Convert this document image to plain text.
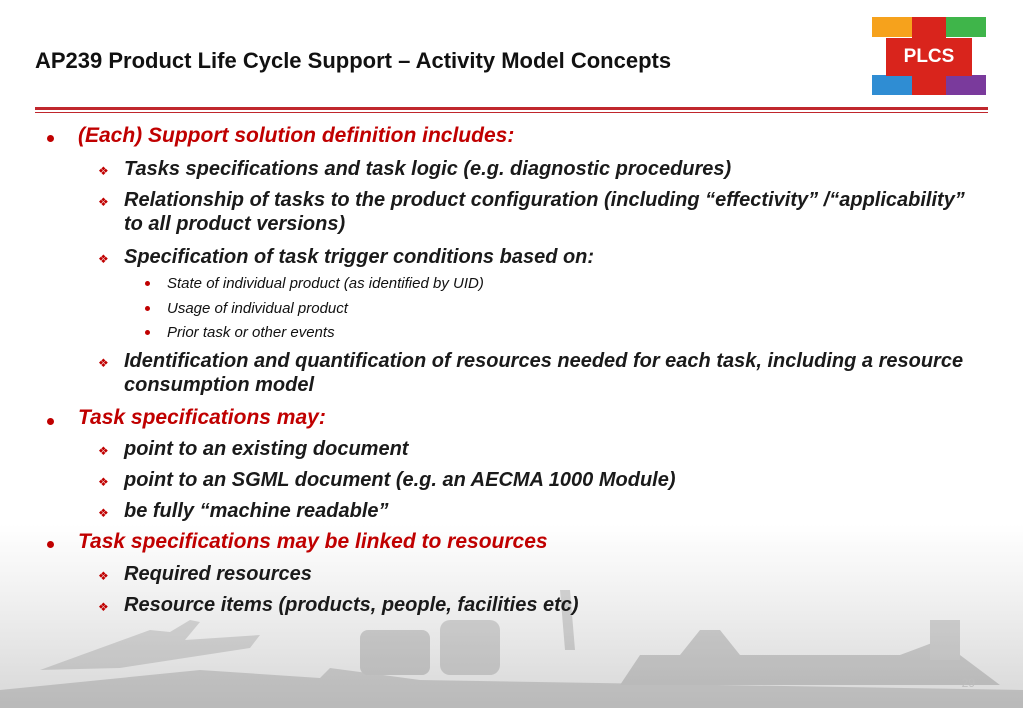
AP239 Product Life Cycle Support – Activity Model Concepts	PLCS
(Each) Support solution definition includes:
❖ Tasks specifications and task logic (e.g. diagnostic procedures)
❖ Relationship of tasks to the product configuration (including “effectivity” /“applicability” to all product versions)
❖ Specification of task trigger conditions based on:
State of individual product (as identified by UID)
Usage of individual product
Prior task or other events
❖ Identification and quantification of resources needed for each task, including a resource consumption model
Task specifications may:
❖ point to an existing document
❖ point to an SGML document (e.g. an AECMA 1000 Module)
❖ be fully “machine readable”
Task specifications may be linked to resources
❖ Required resources
❖ Resource items (products, people, facilities etc)
29
